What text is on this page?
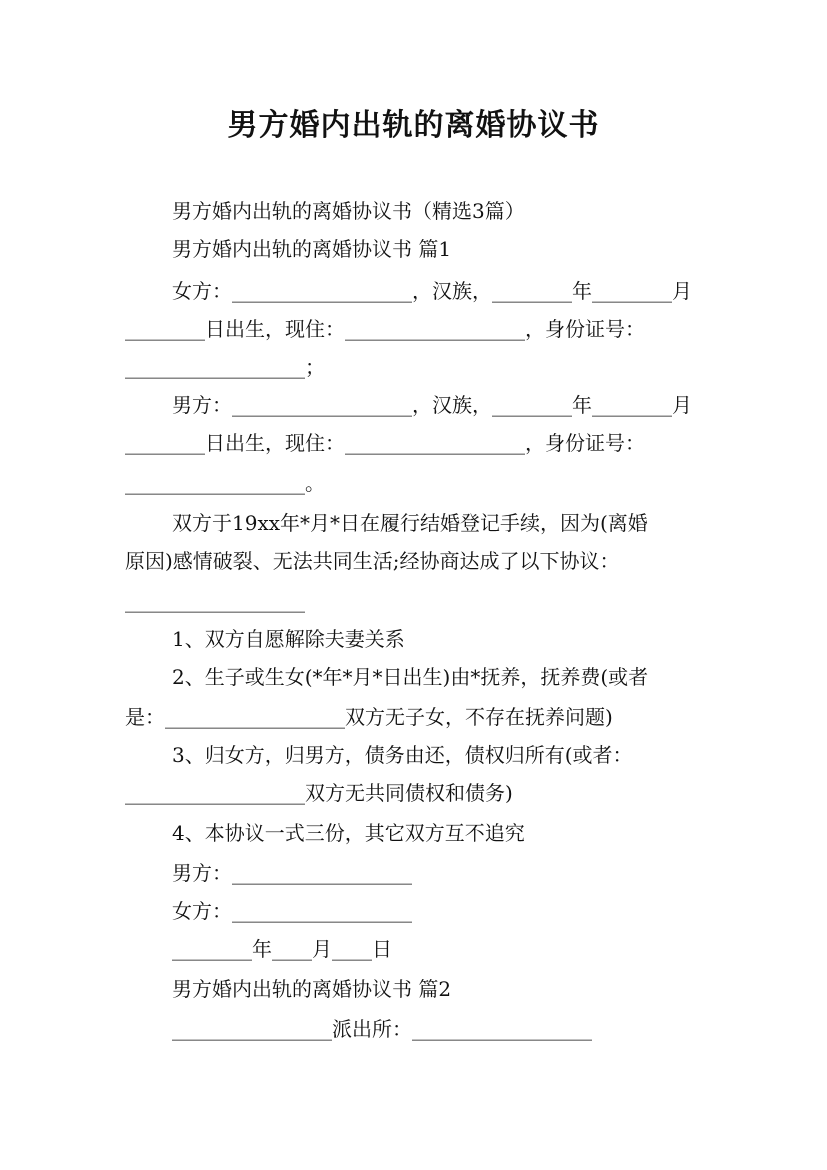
男方婚内出轨的离婚协议书
男方婚内出轨的离婚协议书（精选3篇）
男方婚内出轨的离婚协议书 篇1
女方：__________________，汉族，________年________月
________日出生，现住：__________________，身份证号：
__________________；
男方：__________________，汉族，________年________月
________日出生，现住：__________________，身份证号：
__________________。
双方于19xx年*月*日在履行结婚登记手续，因为(离婚
原因)感情破裂、无法共同生活;经协商达成了以下协议：
__________________
1、双方自愿解除夫妻关系
2、生子或生女(*年*月*日出生)由*抚养，抚养费(或者
是：__________________双方无子女，不存在抚养问题)
3、归女方，归男方，债务由还，债权归所有(或者：
__________________双方无共同债权和债务)
4、本协议一式三份，其它双方互不追究
男方：__________________
女方：__________________
________年____月____日
男方婚内出轨的离婚协议书 篇2
________________派出所：__________________
